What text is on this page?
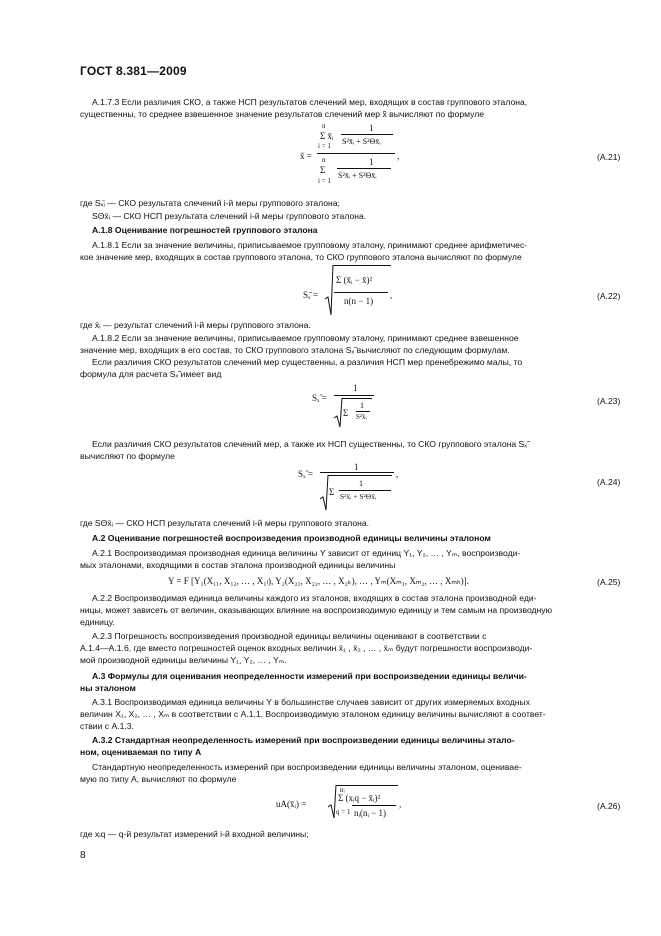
ГОСТ 8.381—2009
А.1.7.3 Если различия СКО, а также НСП результатов слечений мер, входящих в состав группового эталона,
существенны, то среднее взвешенное значение результатов слечений мер x̃ вычисляют по формуле
x̃ =
n
Σ x̄ᵢ
i = 1
1
S²x̄ᵢ + S²Θx̄ᵢ
n
Σ
i = 1
1
S²x̄ᵢ + S²Θx̄ᵢ
,	(А.21)
где Sₓ̄ᵢ — СКО результата слечений i-й меры группового эталона;
SΘx̄ᵢ — СКО НСП результата слечений i-й меры группового эталона.
А.1.8 Оценивание погрешностей группового эталона
А.1.8.1 Если за значение величины, приписываемое групповому эталону, принимают среднее арифметичес-
кое значение мер, входящих в состав группового эталона, то СКО группового эталона вычисляют по формуле
Sₓ̄ =
Σ (x̄ᵢ − x̄)²
n(n − 1)
,	(А.22)
где x̄ᵢ — результат слечений i-й меры группового эталона.
А.1.8.2 Если за значение величины, приписываемое групповому эталону, принимают среднее взвешенное
значение мер, входящих в его состав, то СКО группового эталона Sₓ̃ вычисляют по следующим формулам.
Если различия СКО результатов слечений мер существенны, а различия НСП мер пренебрежимо малы, то
формула для расчета Sₓ̃ имеет вид
Sₓ̃ =
1
Σ
1
S²x̄ᵢ
(А.23)
Если различия СКО результатов слечений мер, а также их НСП существенны, то СКО группового эталона Sₓ̃
вычисляют по формуле
Sₓ̃ =
1
Σ
1
S²x̄ᵢ + S²Θx̄ᵢ
,
(А.24)
где SΘx̄ᵢ — СКО НСП результата слечений i-й меры группового эталона.
А.2 Оценивание погрешностей воспроизведения производной единицы величины эталоном
А.2.1 Воспроизводимая производная единица величины Y зависит от единиц Y₁, Y₂, … , Yₘ, воспроизводи-
мых эталонами, входящими в состав эталона производной единицы величины
Y = F [Y₁(X₁₁, X₁₂, … , X₁ₗ), Y₂(X₂₁, X₂₂, … , X₂ₖ), … , Yₘ(Xₘ₁, Xₘ₂, … , Xₘₕ)].	(А.25)
А.2.2 Воспроизводимая единица величины каждого из эталонов, входящих в состав эталона производной еди-
ницы, может зависеть от величин, оказывающих влияние на воспроизводимую единицу и тем самым на производную
единицу.
А.2.3 Погрешность воспроизведения производной единицы величины оценивают в соответствии с
А.1.4—А.1.6, где вместо погрешностей оценок входных величин x̄₁ , x̄₂ , … , x̄ₘ будут погрешности воспроизводи-
мой производной единицы величины Y₁, Y₂, … , Yₘ.
А.3 Формулы для оценивания неопределенности измерений при воспроизведении единицы величи-
ны эталоном
А.3.1 Воспроизводимая единица величины Y в большинстве случаев зависит от других измеряемых входных
величин X₁, X₂, … , Xₘ в соответствии с А.1.1. Воспроизводимую эталоном единицу величины вычисляют в соответ-
ствии с А.1.3.
А.3.2 Стандартная неопределенность измерений при воспроизведении единицы величины этало-
ном, оцениваемая по типу А
Стандартную неопределенность измерений при воспроизведении единицы величины эталоном, оценивае-
мую по типу А, вычисляют по формуле
uA(x̄ᵢ) =
nᵢ
Σ (xᵢq − x̄ᵢ)²
q = 1 nᵢ(nᵢ − 1)
,	(А.26)
где xᵢq — q-й результат измерений i-й входной величины;
8
